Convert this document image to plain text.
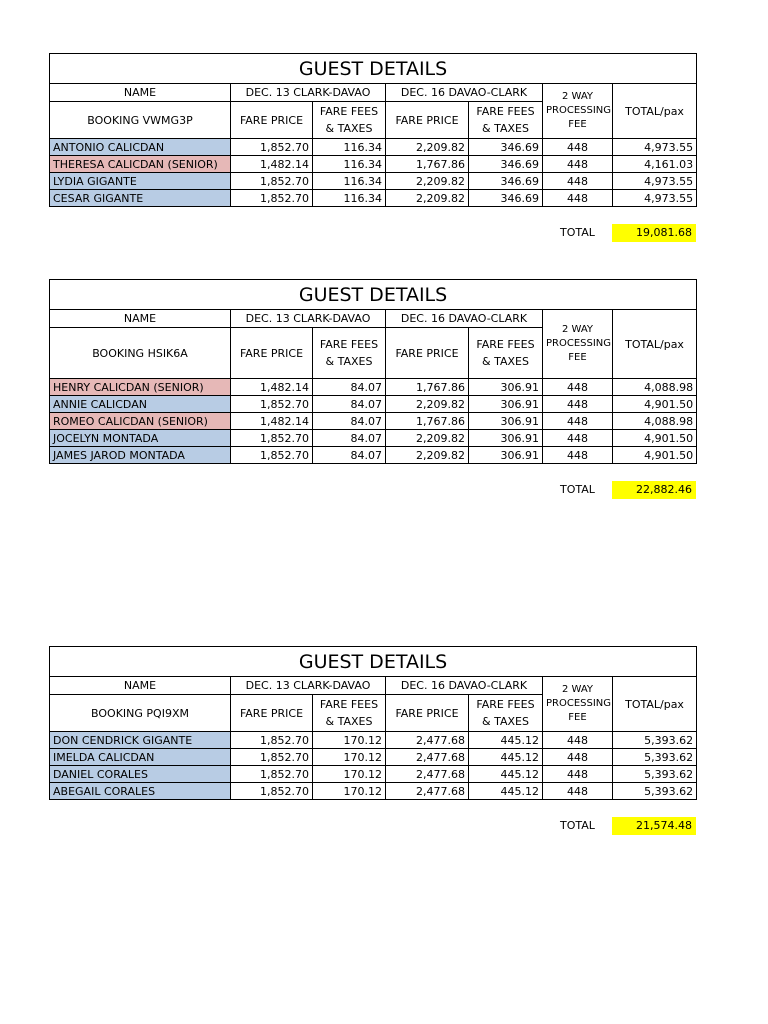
GUEST DETAILS						
NAME	DEC. 13 CLARK-DAVAO		DEC. 16 DAVAO-CLARK		2 WAY PROCESSING FEE	TOTAL/pax
BOOKING VWMG3P	FARE PRICE	FARE FEES & TAXES	FARE PRICE	FARE FEES & TAXES		
ANTONIO CALICDAN	1,852.70	116.34	2,209.82	346.69	448	4,973.55
THERESA CALICDAN (SENIOR)	1,482.14	116.34	1,767.86	346.69	448	4,161.03
LYDIA GIGANTE	1,852.70	116.34	2,209.82	346.69	448	4,973.55
CESAR GIGANTE	1,852.70	116.34	2,209.82	346.69	448	4,973.55
TOTAL	19,081.68
GUEST DETAILS						
NAME	DEC. 13 CLARK-DAVAO		DEC. 16 DAVAO-CLARK		2 WAY PROCESSING FEE	TOTAL/pax
BOOKING HSIK6A	FARE PRICE	FARE FEES & TAXES	FARE PRICE	FARE FEES & TAXES		
HENRY CALICDAN (SENIOR)	1,482.14	84.07	1,767.86	306.91	448	4,088.98
ANNIE CALICDAN	1,852.70	84.07	2,209.82	306.91	448	4,901.50
ROMEO CALICDAN (SENIOR)	1,482.14	84.07	1,767.86	306.91	448	4,088.98
JOCELYN MONTADA	1,852.70	84.07	2,209.82	306.91	448	4,901.50
JAMES JAROD MONTADA	1,852.70	84.07	2,209.82	306.91	448	4,901.50
TOTAL	22,882.46
GUEST DETAILS						
NAME	DEC. 13 CLARK-DAVAO		DEC. 16 DAVAO-CLARK		2 WAY PROCESSING FEE	TOTAL/pax
BOOKING PQI9XM	FARE PRICE	FARE FEES & TAXES	FARE PRICE	FARE FEES & TAXES		
DON CENDRICK GIGANTE	1,852.70	170.12	2,477.68	445.12	448	5,393.62
IMELDA CALICDAN	1,852.70	170.12	2,477.68	445.12	448	5,393.62
DANIEL CORALES	1,852.70	170.12	2,477.68	445.12	448	5,393.62
ABEGAIL CORALES	1,852.70	170.12	2,477.68	445.12	448	5,393.62
TOTAL	21,574.48
